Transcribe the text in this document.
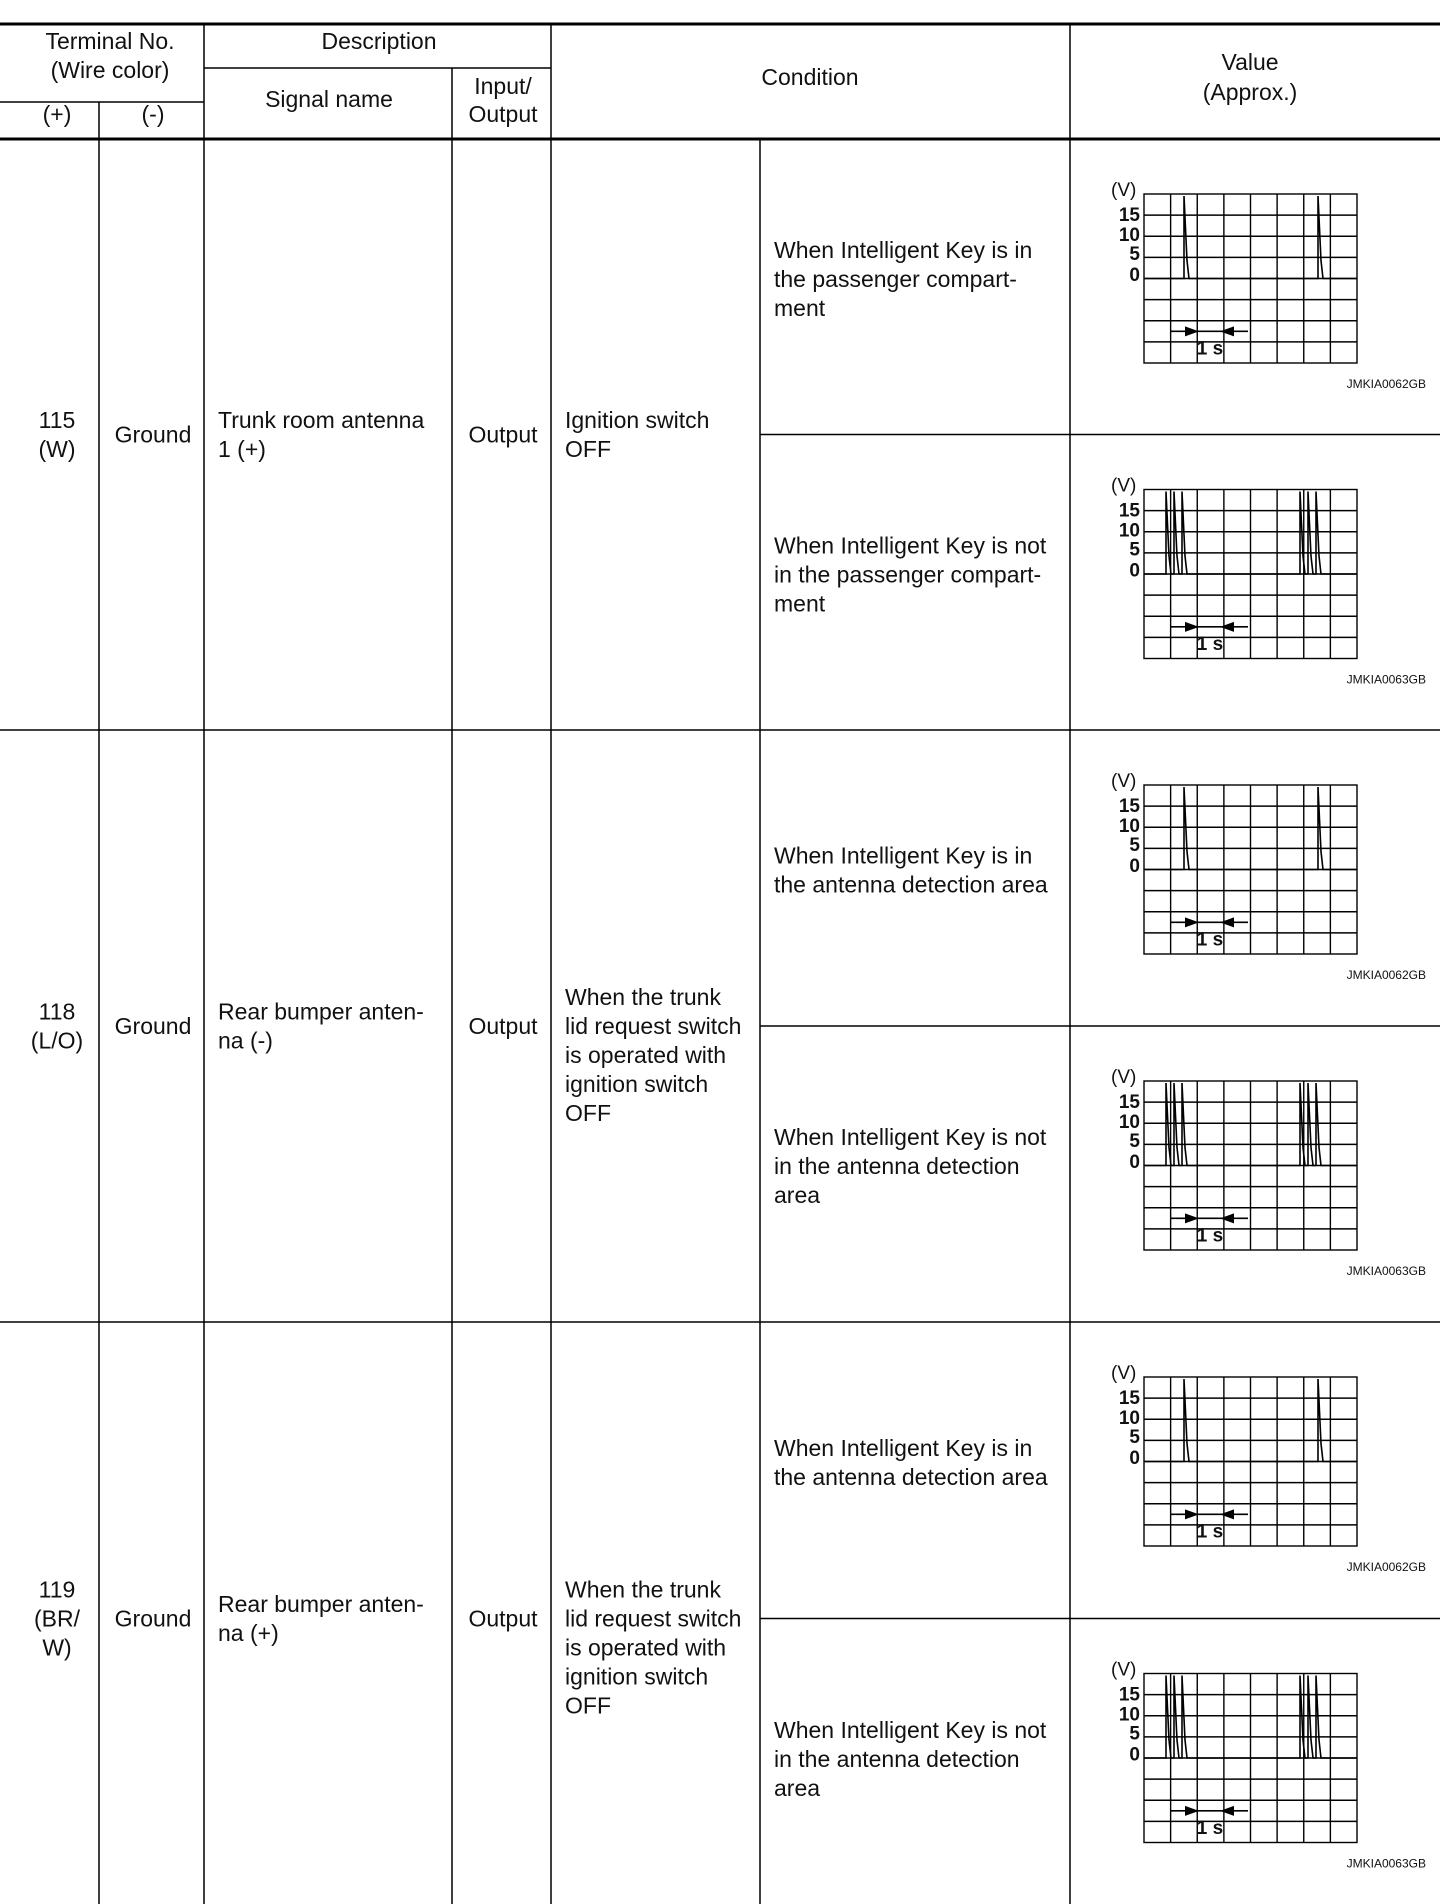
Terminal No.
(Wire color)
(+)	(-)
Description
Signal name	Input/
Output
Condition
Value
(Approx.)
115
(W)
Ground
Trunk room antenna
1 (+)
Output
Ignition switch
OFF
When Intelligent Key is in
the passenger compart-
ment
(V)
15
10
5
0
1 s
JMKIA0062GB
When Intelligent Key is not
in the passenger compart-
ment
(V)
15
10
5
0
1 s
JMKIA0063GB
118
(L/O)
Ground
Rear bumper anten-
na (-)
Output
When the trunk
lid request switch
is operated with
ignition switch
OFF
When Intelligent Key is in
the antenna detection area
(V)
15
10
5
0
1 s
JMKIA0062GB
When Intelligent Key is not
in the antenna detection
area
(V)
15
10
5
0
1 s
JMKIA0063GB
119
(BR/
W)
Ground
Rear bumper anten-
na (+)
Output
When the trunk
lid request switch
is operated with
ignition switch
OFF
When Intelligent Key is in
the antenna detection area
(V)
15
10
5
0
1 s
JMKIA0062GB
When Intelligent Key is not
in the antenna detection
area
(V)
15
10
5
0
1 s
JMKIA0063GB
